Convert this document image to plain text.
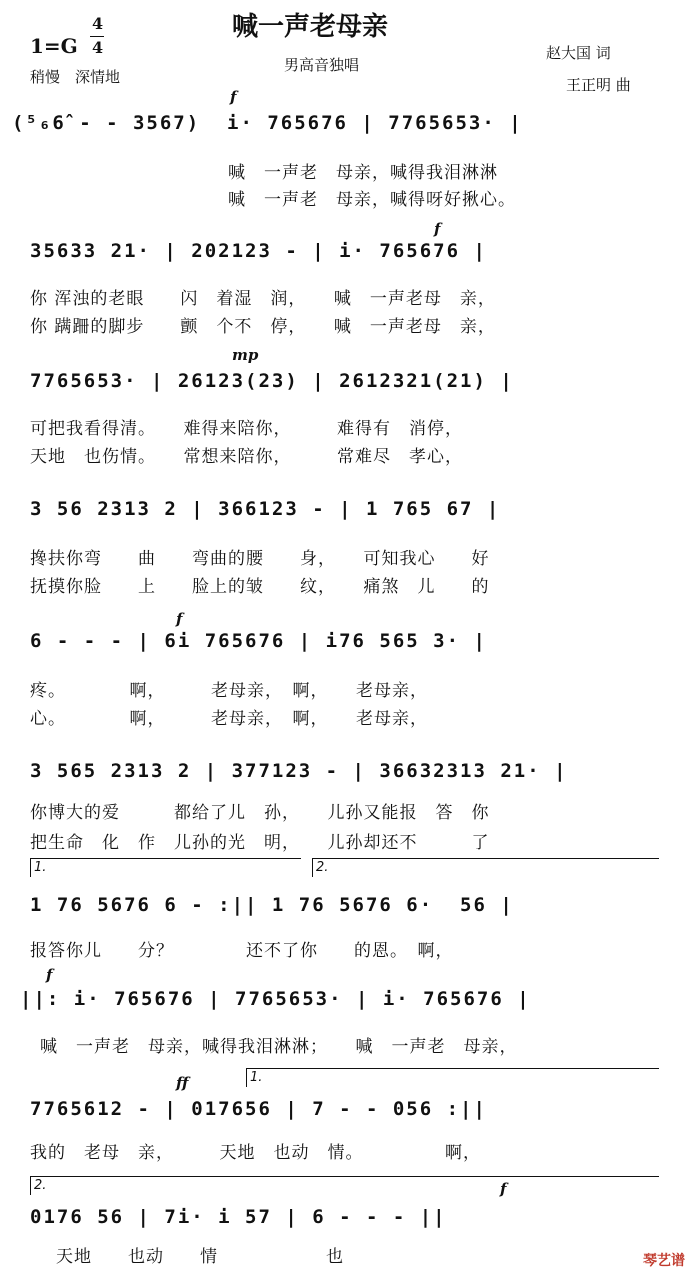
喊一声老母亲
1=G
4
4
稍慢　深情地
男高音独唱
赵大国 词
王正明 曲
f
(⁵₆6̂ - - 3567)  i· 765676 | 7765653· |
喊　一声老　母亲，喊得我泪淋淋
喊　一声老　母亲，喊得呀好揪心。
f
35633 21· | 202123 - | i· 765676 |
你 浑浊的老眼　　闪　着湿　润，　　喊　一声老母　亲，
你 蹒跚的脚步　　颤　个不　停，　　喊　一声老母　亲，
mp
7765653· | 26123(23) | 2612321(21) |
可把我看得清。　　难得来陪你，　　　难得有　消停，
天地　也伤情。　　常想来陪你，　　　常难尽　孝心，
3 56 2313 2 | 366123 - | 1 765 67 |
搀扶你弯　　曲　　弯曲的腰　　身，　　可知我心　　好
抚摸你脸　　上　　脸上的皱　　纹，　　痛煞　儿　　的
f
6 - - - | 6i 765676 | i76 565 3· |
疼。　　　　啊，　　　老母亲，　啊，　　老母亲，
心。　　　　啊，　　　老母亲，　啊，　　老母亲，
3 565 2313 2 | 377123 - | 36632313 21· |
你博大的爱　　　都给了儿　孙，　　儿孙又能报　答　你
把生命　化　作　儿孙的光　明，　　儿孙却还不　　　了
1.	2.
1 76 5676 6 - :|| 1 76 5676 6·  56 |
报答你儿　　分？　　　　还不了你　　的恩。　啊，
f
||: i· 765676 | 7765653· | i· 765676 |
喊　一声老　母亲，喊得我泪淋淋；　　喊　一声老　母亲，
ff	1.
7765612 - | 017656 | 7 - - 056 :||
我的　老母　亲，　　　天地　也动　情。　　　　　啊，
2.	f
0176 56 | 7i· i 57 | 6 - - - ||
天地　　也动　　情　　　　　　也	琴艺谱
